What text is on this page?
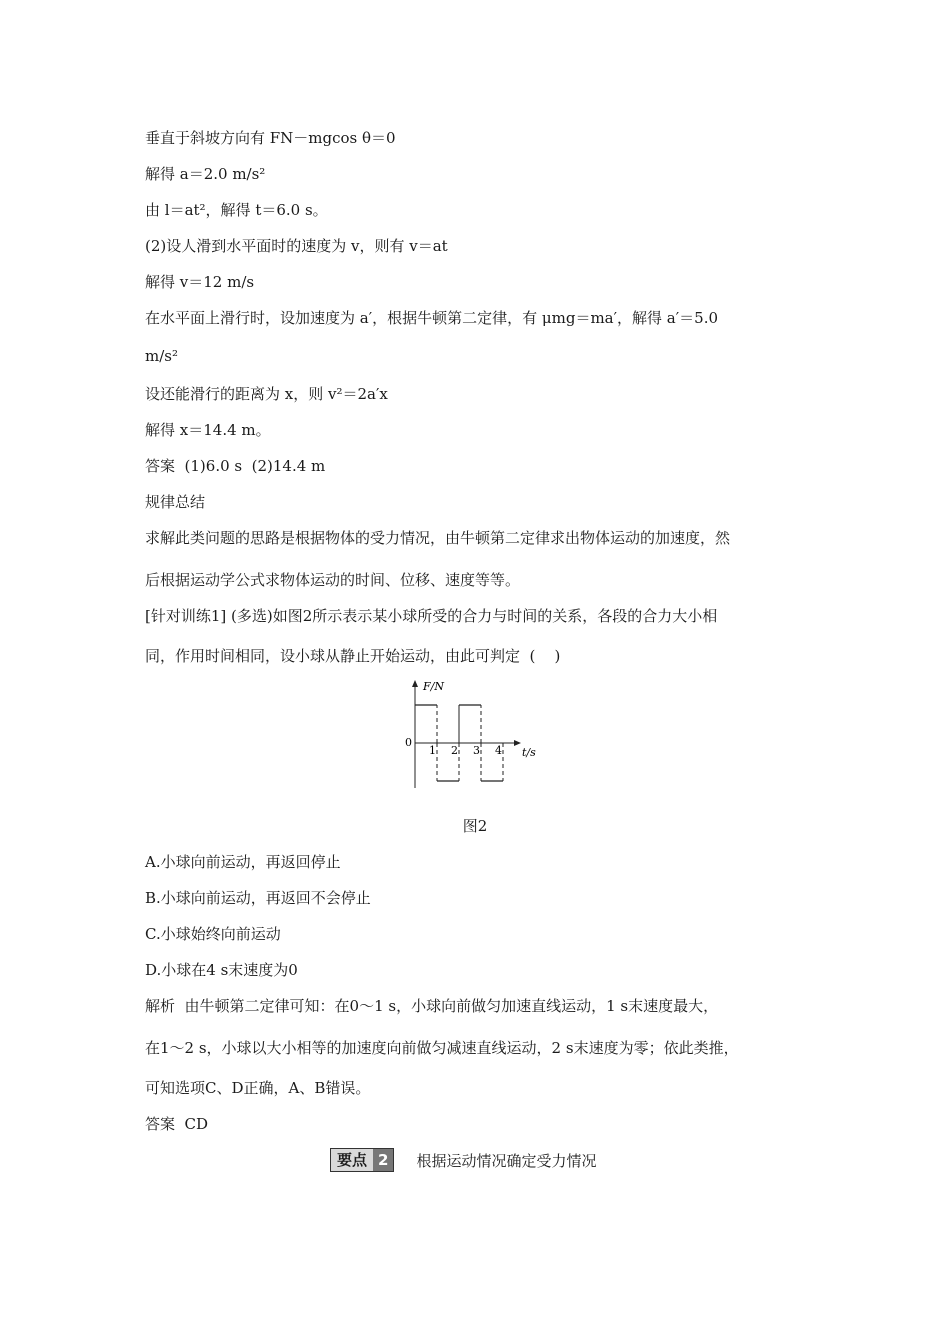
垂直于斜坡方向有 FN－mgcos θ＝0
解得 a＝2.0 m/s²
由 l＝at²，解得 t＝6.0 s。
(2)设人滑到水平面时的速度为 v，则有 v＝at
解得 v＝12 m/s
在水平面上滑行时，设加速度为 a′，根据牛顿第二定律，有 μmg＝ma′，解得 a′＝5.0
m/s²
设还能滑行的距离为 x，则 v²＝2a′x
解得 x＝14.4 m。
答案  (1)6.0 s  (2)14.4 m
规律总结
求解此类问题的思路是根据物体的受力情况，由牛顿第二定律求出物体运动的加速度，然
后根据运动学公式求物体运动的时间、位移、速度等等。
[针对训练1] (多选)如图2所示表示某小球所受的合力与时间的关系，各段的合力大小相
同，作用时间相同，设小球从静止开始运动，由此可判定  (    )
A.小球向前运动，再返回停止
B.小球向前运动，再返回不会停止
C.小球始终向前运动
D.小球在4 s末速度为0
解析  由牛顿第二定律可知：在0～1 s，小球向前做匀加速直线运动，1 s末速度最大，
在1～2 s，小球以大小相等的加速度向前做匀减速直线运动，2 s末速度为零；依此类推，
可知选项C、D正确，A、B错误。
答案  CD
F/N
t/s
0
1 2 3 4
图2
要点 2	根据运动情况确定受力情况
